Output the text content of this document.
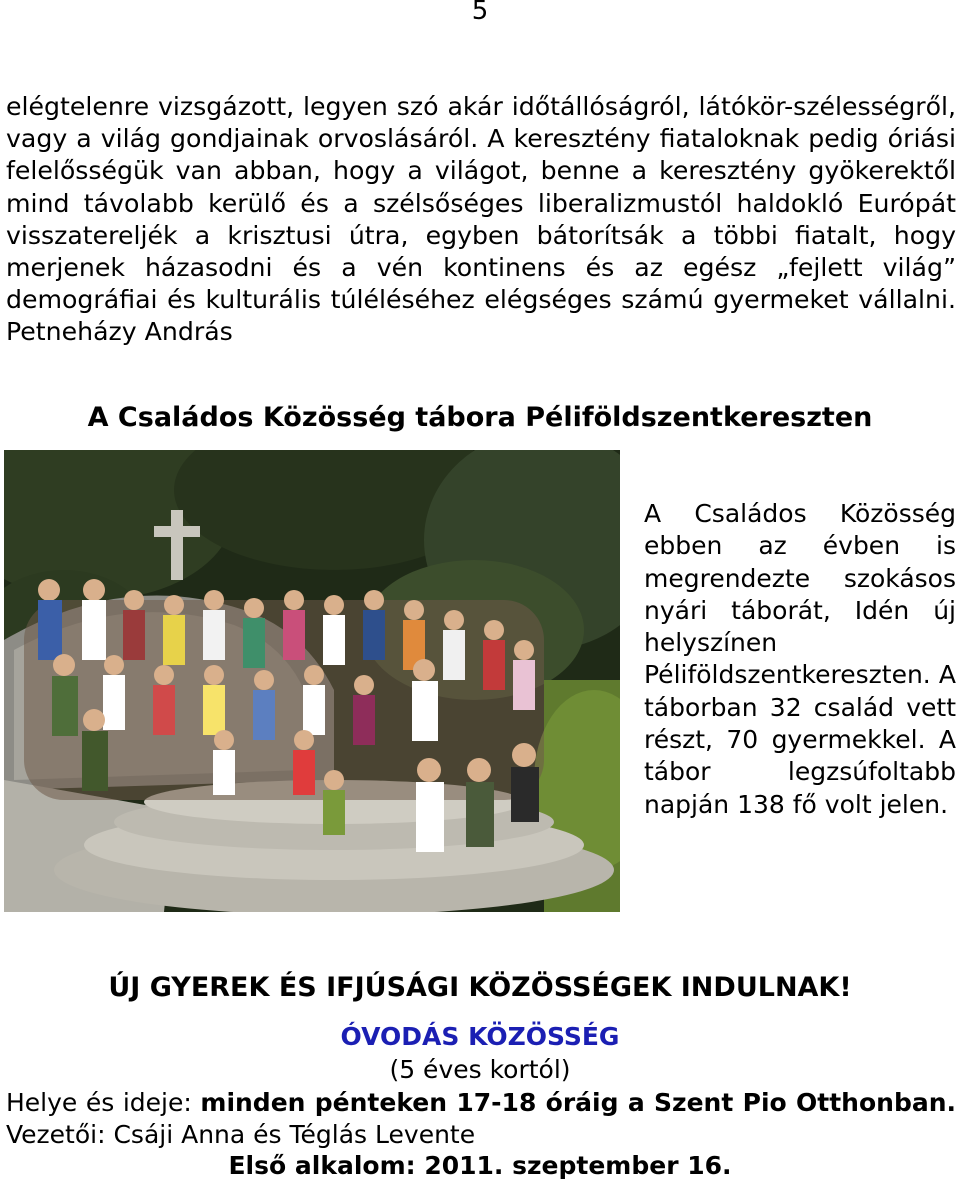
5

elégtelenre vizsgázott, legyen szó akár időtállóságról, látókör-szélességről, vagy a világ gondjainak orvoslásáról. A keresztény fiataloknak pedig óriási felelősségük van abban, hogy a világot, benne a keresztény gyökerektől mind távolabb kerülő és a szélsőséges liberalizmustól haldokló Európát visszatereljék a krisztusi útra, egyben bátorítsák a többi fiatalt, hogy merjenek házasodni és a vén kontinens és az egész „fejlett világ” demográfiai és kulturális túléléséhez elégséges számú gyermeket vállalni. Petneházy András

A Családos Közösség tábora Péliföldszentkereszten

A Családos Közösség ebben az évben is megrendezte szokásos nyári táborát, Idén új helyszínen Péliföldszentkereszten. A táborban 32 család vett részt, 70 gyermekkel. A tábor legzsúfoltabb napján 138 fő volt jelen.

ÚJ GYEREK ÉS IFJÚSÁGI KÖZÖSSÉGEK INDULNAK!
ÓVODÁS KÖZÖSSÉG
(5 éves kortól)

Helye és ideje: minden pénteken 17-18 óráig a Szent Pio Otthonban. Vezetői: Csáji Anna és Téglás Levente

Első alkalom: 2011. szeptember 16.
